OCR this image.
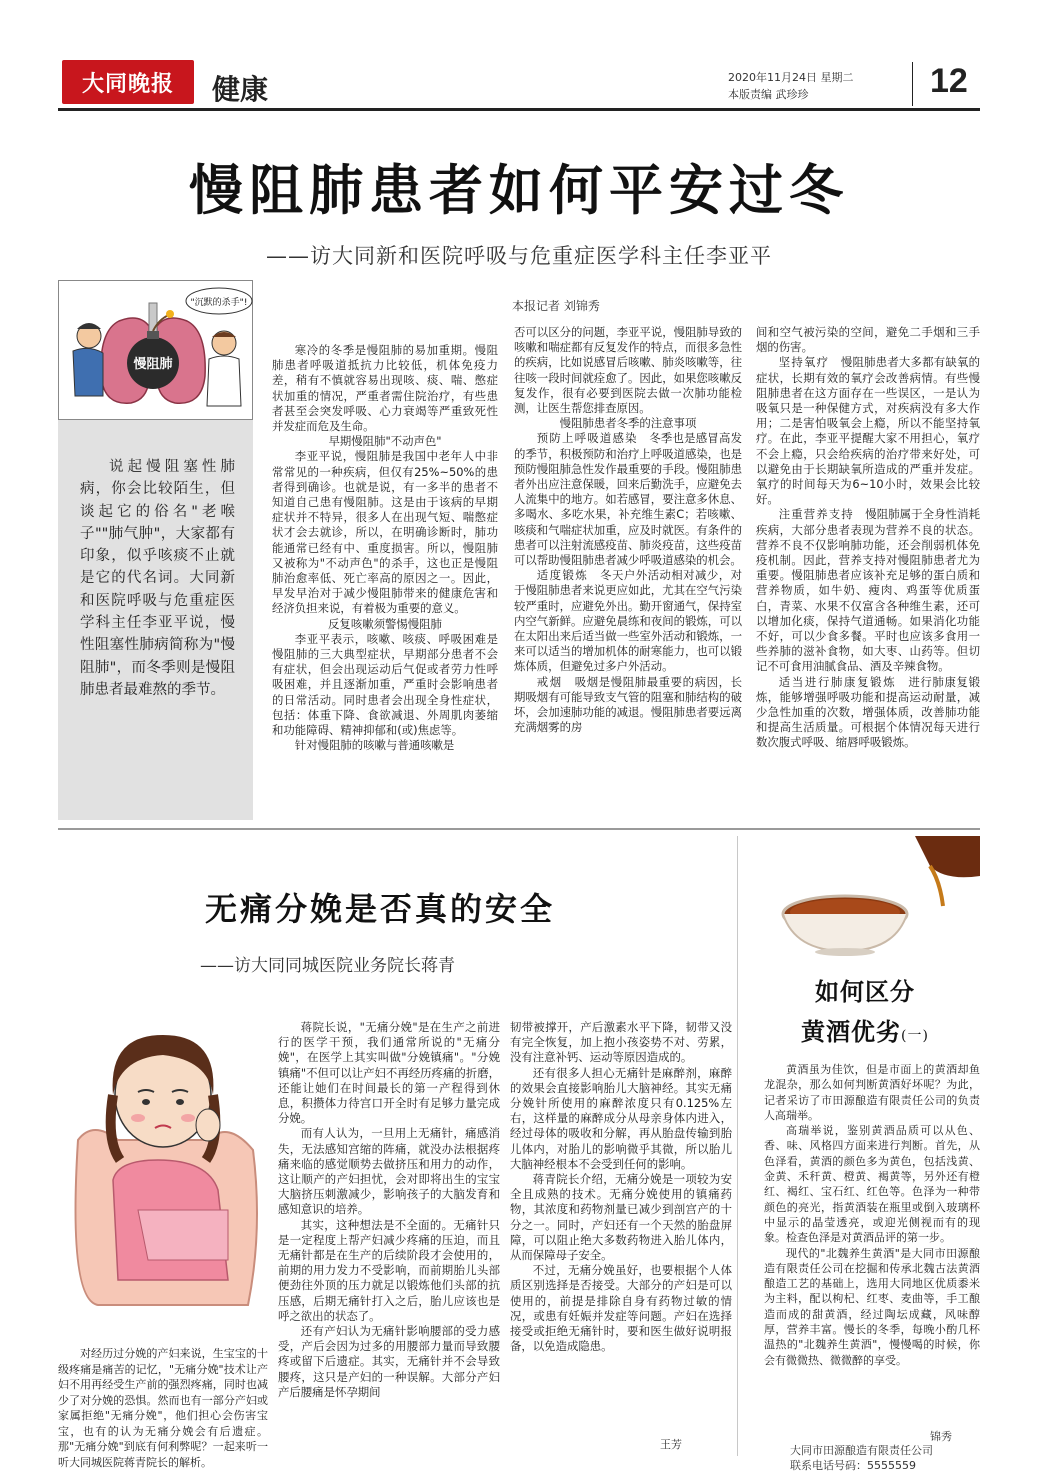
大同晚报 健康	2020年11月24日 星期二
本版责编 武珍珍	12
慢阻肺患者如何平安过冬
——访大同新和医院呼吸与危重症医学科主任李亚平
本报记者 刘锦秀
慢阻肺
"沉默的杀手"!

说起慢阻塞性肺病，你会比较陌生，但谈起它的俗名"老喉子""肺气肿"，大家都有印象，似乎咳痰不止就是它的代名词。大同新和医院呼吸与危重症医学科主任李亚平说，慢性阻塞性肺病简称为"慢阻肺"，而冬季则是慢阻肺患者最难熬的季节。

寒冷的冬季是慢阻肺的易加重期。慢阻肺患者呼吸道抵抗力比较低，机体免疫力差，稍有不慎就容易出现咳、痰、喘、憋症状加重的情况，严重者需住院治疗，有些患者甚至会突发呼吸、心力衰竭等严重致死性并发症而危及生命。

早期慢阻肺"不动声色"

李亚平说，慢阻肺是我国中老年人中非常常见的一种疾病，但仅有25%~50%的患者得到确诊。也就是说，有一多半的患者不知道自己患有慢阻肺。这是由于该病的早期症状并不特异，很多人在出现气短、喘憋症状才会去就诊，所以，在明确诊断时，肺功能通常已经有中、重度损害。所以，慢阻肺又被称为"不动声色"的杀手，这也正是慢阻肺治愈率低、死亡率高的原因之一。因此，早发早治对于减少慢阻肺带来的健康危害和经济负担来说，有着极为重要的意义。

反复咳嗽须警惕慢阻肺

李亚平表示，咳嗽、咳痰、呼吸困难是慢阻肺的三大典型症状，早期部分患者不会有症状，但会出现运动后气促或者劳力性呼吸困难，并且逐渐加重，严重时会影响患者的日常活动。同时患者会出现全身性症状，包括：体重下降、食欲减退、外周肌肉萎缩和功能障碍、精神抑郁和(或)焦虑等。

针对慢阻肺的咳嗽与普通咳嗽是

否可以区分的问题，李亚平说，慢阻肺导致的咳嗽和喘症都有反复发作的特点，而很多急性的疾病，比如说感冒后咳嗽、肺炎咳嗽等，往往咳一段时间就痊愈了。因此，如果您咳嗽反复发作，很有必要到医院去做一次肺功能检测，让医生帮您排查原因。

慢阻肺患者冬季的注意事项

预防上呼吸道感染　 冬季也是感冒高发的季节，积极预防和治疗上呼吸道感染，也是预防慢阻肺急性发作最重要的手段。慢阻肺患者外出应注意保暖，回来后勤洗手，应避免去人流集中的地方。如若感冒，要注意多休息、多喝水、多吃水果，补充维生素C；若咳嗽、咳痰和气喘症状加重，应及时就医。有条件的患者可以注射流感疫苗、肺炎疫苗，这些疫苗可以帮助慢阻肺患者减少呼吸道感染的机会。

适度锻炼　 冬天户外活动相对减少，对于慢阻肺患者来说更应如此，尤其在空气污染较严重时，应避免外出。勤开窗通气，保持室内空气新鲜。应避免晨练和夜间的锻炼，可以在太阳出来后适当做一些室外活动和锻炼，一来可以适当的增加机体的耐寒能力，也可以锻炼体质，但避免过多户外活动。

戒烟　 吸烟是慢阻肺最重要的病因，长期吸烟有可能导致支气管的阻塞和肺结构的破坏，会加速肺功能的减退。慢阻肺患者要远离充满烟雾的房

间和空气被污染的空间，避免二手烟和三手烟的伤害。

坚持氧疗　 慢阻肺患者大多都有缺氧的症状，长期有效的氧疗会改善病情。有些慢阻肺患者在这方面存在一些误区，一是认为吸氧只是一种保健方式，对疾病没有多大作用；二是害怕吸氧会上瘾，所以不能坚持氧疗。在此，李亚平提醒大家不用担心，氧疗不会上瘾，只会给疾病的治疗带来好处，可以避免由于长期缺氧所造成的严重并发症。氧疗的时间每天为6~10小时，效果会比较好。

注重营养支持　 慢阻肺属于全身性消耗疾病，大部分患者表现为营养不良的状态。营养不良不仅影响肺功能，还会削弱机体免疫机制。因此，营养支持对慢阻肺患者尤为重要。慢阻肺患者应该补充足够的蛋白质和营养物质，如牛奶、瘦肉、鸡蛋等优质蛋白，青菜、水果不仅富含各种维生素，还可以增加化痰，保持气道通畅。如果消化功能不好，可以少食多餐。平时也应该多食用一些养肺的滋补食物，如大枣、山药等。但切记不可食用油腻食品、酒及辛辣食物。

适当进行肺康复锻炼　 进行肺康复锻炼，能够增强呼吸功能和提高运动耐量，减少急性加重的次数，增强体质，改善肺功能和提高生活质量。可根据个体情况每天进行数次腹式呼吸、缩唇呼吸锻炼。

无痛分娩是否真的安全
——访大同同城医院业务院长蒋青

对经历过分娩的产妇来说，生宝宝的十级疼痛是痛苦的记忆，"无痛分娩"技术让产妇不用再经受生产前的强烈疼痛，同时也减少了对分娩的恐惧。然而也有一部分产妇或家属拒绝"无痛分娩"，他们担心会伤害宝宝，也有的认为无痛分娩会有后遗症。那"无痛分娩"到底有何利弊呢？一起来听一听大同城医院蒋青院长的解析。

蒋院长说，"无痛分娩"是在生产之前进行的医学干预，我们通常所说的"无痛分娩"，在医学上其实叫做"分娩镇痛"。"分娩镇痛"不但可以让产妇不再经历疼痛的折磨，还能让她们在时间最长的第一产程得到休息，积攒体力待宫口开全时有足够力量完成分娩。

而有人认为，一旦用上无痛针，痛感消失，无法感知宫缩的阵痛，就没办法根据疼痛来临的感觉顺势去做挤压和用力的动作，这让顺产的产妇担忧，会对即将出生的宝宝大脑挤压刺激减少，影响孩子的大脑发育和感知意识的培养。

其实，这种想法是不全面的。无痛针只是一定程度上帮产妇减少疼痛的压迫，而且无痛针都是在生产的后续阶段才会使用的，前期的用力发力不受影响，而前期胎儿头部便劲往外顶的压力就足以锻炼他们头部的抗压感，后期无痛针打入之后，胎儿应该也是呼之欲出的状态了。

还有产妇认为无痛针影响腰部的受力感受，产后会因为过多的用腰部力量而导致腰疼或留下后遗症。其实，无痛针并不会导致腰疼，这只是产妇的一种误解。大部分产妇产后腰痛是怀孕期间

韧带被撑开，产后激素水平下降，韧带又没有完全恢复，加上抱小孩姿势不对、劳累，没有注意补钙、运动等原因造成的。

还有很多人担心无痛针是麻醉剂，麻醉的效果会直接影响胎儿大脑神经。其实无痛分娩针所使用的麻醉浓度只有0.125%左右，这样量的麻醉成分从母亲身体内进入，经过母体的吸收和分解，再从胎盘传输到胎儿体内，对胎儿的影响微乎其微，所以胎儿大脑神经根本不会受到任何的影响。

蒋青院长介绍，无痛分娩是一项较为安全且成熟的技术。无痛分娩使用的镇痛药物，其浓度和药物剂量已减少到剖宫产的十分之一。同时，产妇还有一个天然的胎盘屏障，可以阻止绝大多数药物进入胎儿体内，从而保障母子安全。

不过，无痛分娩虽好，也要根据个人体质区别选择是否接受。大部分的产妇是可以使用的，前提是排除自身有药物过敏的情况，或患有妊娠并发症等问题。产妇在选择接受或拒绝无痛针时，要和医生做好说明报备，以免造成隐患。

王芳
如何区分
黄酒优劣(一)

黄酒虽为佳饮，但是市面上的黄酒却鱼龙混杂，那么如何判断黄酒好坏呢？为此，记者采访了市田源酿造有限责任公司的负责人高瑞举。

高瑞举说，鉴别黄酒品质可以从色、香、味、风格四方面来进行判断。首先，从色泽看，黄酒的颜色多为黄色，包括浅黄、金黄、禾秆黄、橙黄、褐黄等，另外还有橙红、褐红、宝石红、红色等。色泽为一种带颜色的亮光，指黄酒装在瓶里或倒入玻璃杯中显示的晶莹透亮，或迎光侧视而有的现象。检查色泽是对黄酒品评的第一步。

现代的"北魏养生黄酒"是大同市田源酿造有限责任公司在挖掘和传承北魏古法黄酒酿造工艺的基础上，选用大同地区优质黍米为主料，配以枸杞、红枣、麦曲等，手工酿造而成的甜黄酒，经过陶坛成藏，风味醇厚，营养丰富。慢长的冬季，每晚小酌几杯温热的"北魏养生黄酒"，慢慢喝的时候，你会有微微热、微微醉的享受。

锦秀
大同市田源酿造有限责任公司
联系电话号码：5555559
